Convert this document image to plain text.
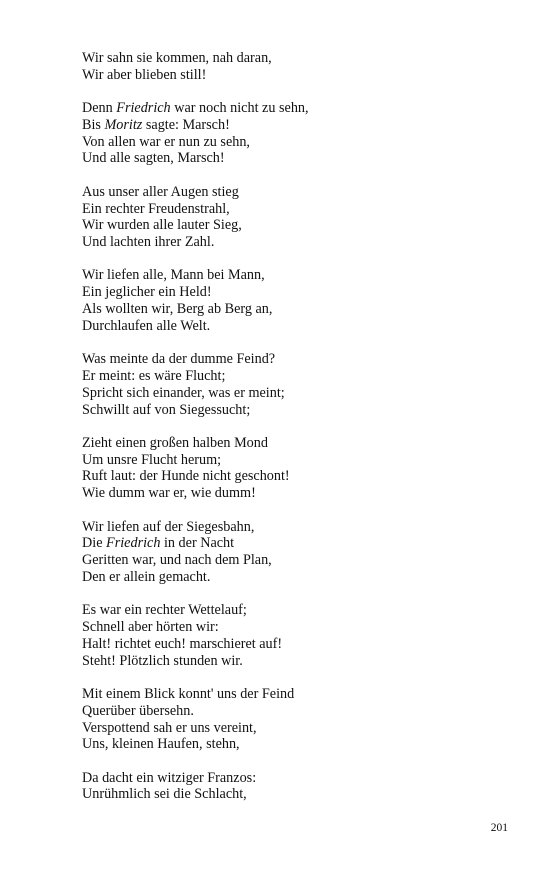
Wir sahn sie kommen, nah daran,
Wir aber blieben still!
Denn Friedrich war noch nicht zu sehn,
Bis Moritz sagte: Marsch!
Von allen war er nun zu sehn,
Und alle sagten, Marsch!
Aus unser aller Augen stieg
Ein rechter Freudenstrahl,
Wir wurden alle lauter Sieg,
Und lachten ihrer Zahl.
Wir liefen alle, Mann bei Mann,
Ein jeglicher ein Held!
Als wollten wir, Berg ab Berg an,
Durchlaufen alle Welt.
Was meinte da der dumme Feind?
Er meint: es wäre Flucht;
Spricht sich einander, was er meint;
Schwillt auf von Siegessucht;
Zieht einen großen halben Mond
Um unsre Flucht herum;
Ruft laut: der Hunde nicht geschont!
Wie dumm war er, wie dumm!
Wir liefen auf der Siegesbahn,
Die Friedrich in der Nacht
Geritten war, und nach dem Plan,
Den er allein gemacht.
Es war ein rechter Wettelauf;
Schnell aber hörten wir:
Halt! richtet euch! marschieret auf!
Steht! Plötzlich stunden wir.
Mit einem Blick konnt' uns der Feind
Querüber übersehn.
Verspottend sah er uns vereint,
Uns, kleinen Haufen, stehn,
Da dacht ein witziger Franzos:
Unrühmlich sei die Schlacht,
201
